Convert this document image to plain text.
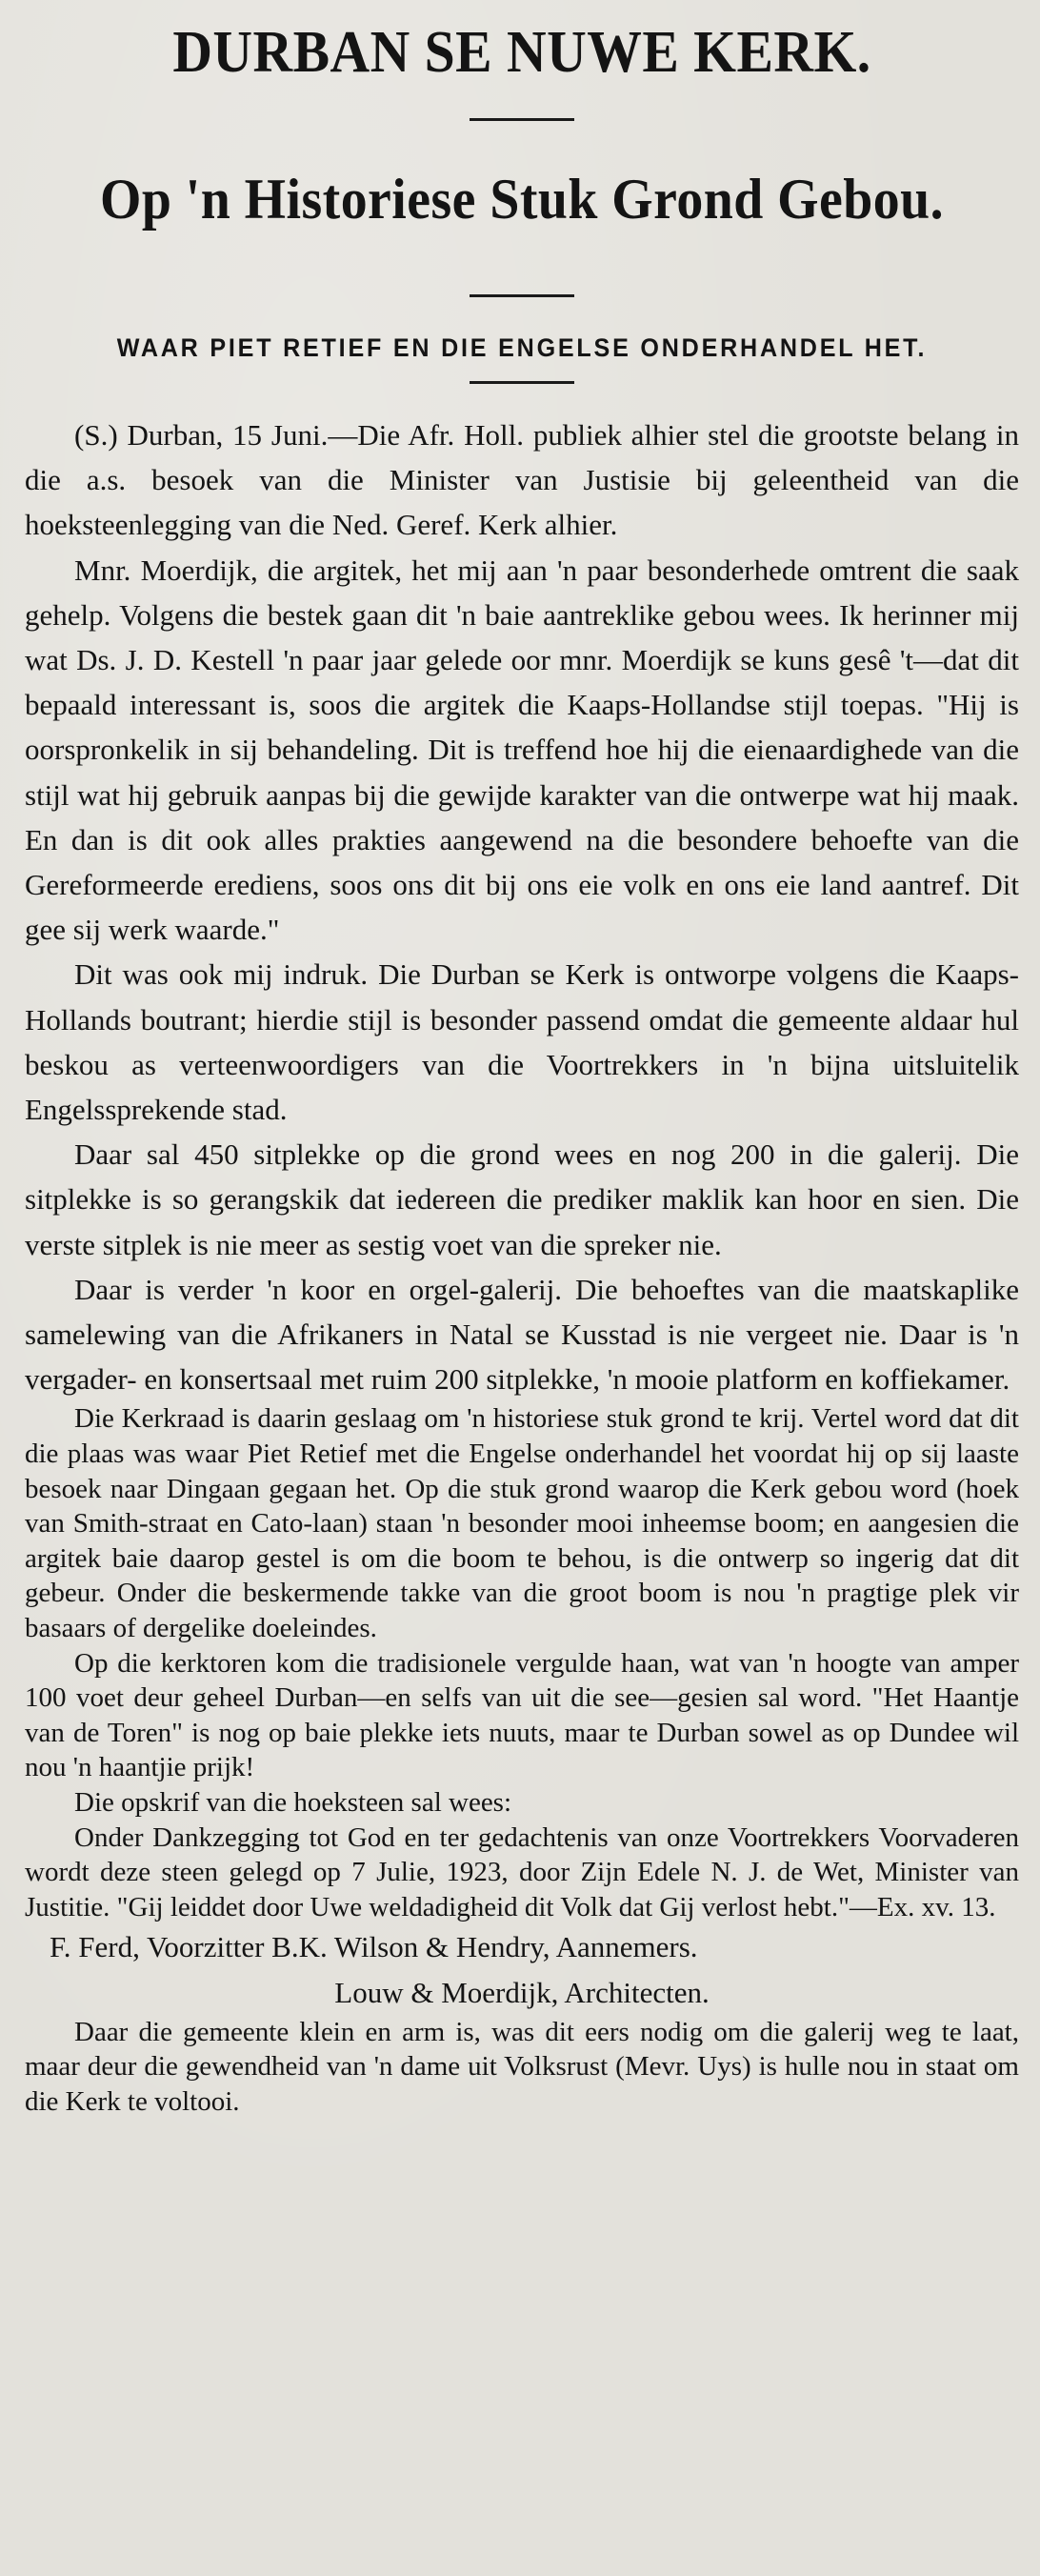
DURBAN SE NUWE KERK.
Op 'n Historiese Stuk Grond Gebou.
WAAR PIET RETIEF EN DIE ENGELSE ONDERHANDEL HET.

(S.) Durban, 15 Juni.—Die Afr. Holl. publiek alhier stel die grootste belang in die a.s. besoek van die Minister van Justisie bij geleentheid van die hoeksteenlegging van die Ned. Geref. Kerk alhier.

Mnr. Moerdijk, die argitek, het mij aan 'n paar besonderhede omtrent die saak gehelp. Volgens die bestek gaan dit 'n baie aantreklike gebou wees. Ik herinner mij wat Ds. J. D. Kestell 'n paar jaar gelede oor mnr. Moerdijk se kuns gesê 't—dat dit bepaald interessant is, soos die argitek die Kaaps-Hollandse stijl toepas. "Hij is oorspronkelik in sij behandeling. Dit is treffend hoe hij die eienaardighede van die stijl wat hij gebruik aanpas bij die gewijde karakter van die ontwerpe wat hij maak. En dan is dit ook alles prakties aangewend na die besondere behoefte van die Gereformeerde erediens, soos ons dit bij ons eie volk en ons eie land aantref. Dit gee sij werk waarde."

Dit was ook mij indruk. Die Durban se Kerk is ontworpe volgens die Kaaps-Hollands boutrant; hierdie stijl is besonder passend omdat die gemeente aldaar hul beskou as verteenwoordigers van die Voortrekkers in 'n bijna uitsluitelik Engelssprekende stad.

Daar sal 450 sitplekke op die grond wees en nog 200 in die galerij. Die sitplekke is so gerangskik dat iedereen die prediker maklik kan hoor en sien. Die verste sitplek is nie meer as sestig voet van die spreker nie.

Daar is verder 'n koor en orgel-galerij. Die behoeftes van die maatskaplike samelewing van die Afrikaners in Natal se Kusstad is nie vergeet nie. Daar is 'n vergader- en konsertsaal met ruim 200 sitplekke, 'n mooie platform en koffiekamer.

Die Kerkraad is daarin geslaag om 'n historiese stuk grond te krij. Vertel word dat dit die plaas was waar Piet Retief met die Engelse onderhandel het voordat hij op sij laaste besoek naar Dingaan gegaan het. Op die stuk grond waarop die Kerk gebou word (hoek van Smith-straat en Cato-laan) staan 'n besonder mooi inheemse boom; en aangesien die argitek baie daarop gestel is om die boom te behou, is die ontwerp so ingerig dat dit gebeur. Onder die beskermende takke van die groot boom is nou 'n pragtige plek vir basaars of dergelike doeleindes.

Op die kerktoren kom die tradisionele vergulde haan, wat van 'n hoogte van amper 100 voet deur geheel Durban—en selfs van uit die see—gesien sal word. "Het Haantje van de Toren" is nog op baie plekke iets nuuts, maar te Durban sowel as op Dundee wil nou 'n haantjie prijk!

Die opskrif van die hoeksteen sal wees:

Onder Dankzegging tot God en ter gedachtenis van onze Voortrekkers Voorvaderen wordt deze steen gelegd op 7 Julie, 1923, door Zijn Edele N. J. de Wet, Minister van Justitie. "Gij leiddet door Uwe weldadigheid dit Volk dat Gij verlost hebt."—Ex. xv. 13.

F. Ferd, Voorzitter B.K. Wilson & Hendry, Aannemers.

Louw & Moerdijk, Architecten.

Daar die gemeente klein en arm is, was dit eers nodig om die galerij weg te laat, maar deur die gewendheid van 'n dame uit Volksrust (Mevr. Uys) is hulle nou in staat om die Kerk te voltooi.
